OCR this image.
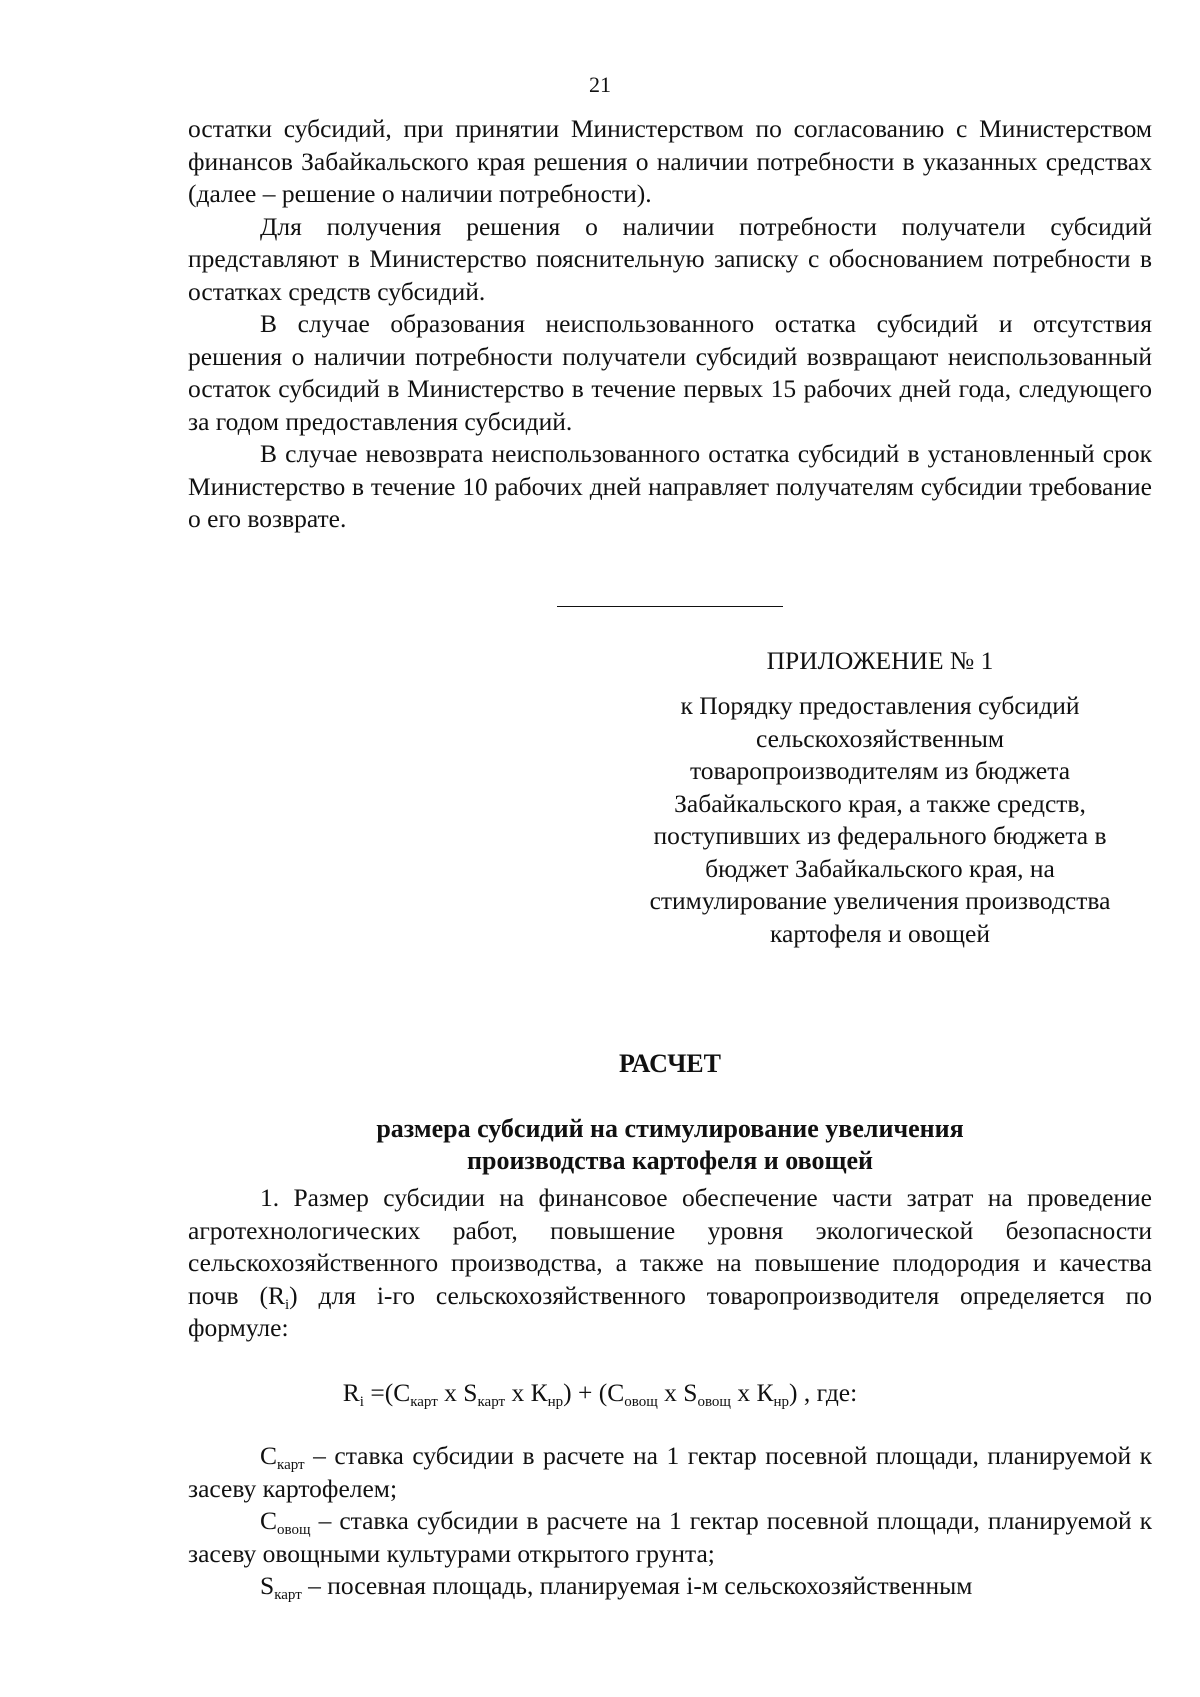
21

остатки субсидий, при принятии Министерством по согласованию с Министерством финансов Забайкальского края решения о наличии потребности в указанных средствах (далее – решение о наличии потребности).

Для получения решения о наличии потребности получатели субсидий представляют в Министерство пояснительную записку с обоснованием потребности в остатках средств субсидий.

В случае образования неиспользованного остатка субсидий и отсутствия решения о наличии потребности получатели субсидий возвращают неиспользованный остаток субсидий в Министерство в течение первых 15 рабочих дней года, следующего за годом предоставления субсидий.

В случае невозврата неиспользованного остатка субсидий в установленный срок Министерство в течение 10 рабочих дней направляет получателям субсидии требование о его возврате.

ПРИЛОЖЕНИЕ № 1
к Порядку предоставления субсидий
сельскохозяйственным
товаропроизводителям из бюджета
Забайкальского края, а также средств,
поступивших из федерального бюджета в
бюджет Забайкальского края, на
стимулирование увеличения производства
картофеля и овощей

РАСЧЕТ

размера субсидий на стимулирование увеличения
производства картофеля и овощей

1. Размер субсидии на финансовое обеспечение части затрат на проведение агротехнологических работ, повышение уровня экологической безопасности сельскохозяйственного производства, а также на повышение плодородия и качества почв $(R_i)$ для i-го сельскохозяйственного товаропроизводителя определяется по формуле:

$R_i =(С_{карт}$ х $S_{карт}$ х $К_{нр}) + (С_{овощ}$ х $S_{овощ}$ х $К_{нр}$) , где:

$С_{карт}$ – ставка субсидии в расчете на 1 гектар посевной площади, планируемой к засеву картофелем;

$С_{овощ}$ – ставка субсидии в расчете на 1 гектар посевной площади, планируемой к засеву овощными культурами открытого грунта;

$S_{карт}$ – посевная площадь, планируемая i-м сельскохозяйственным
